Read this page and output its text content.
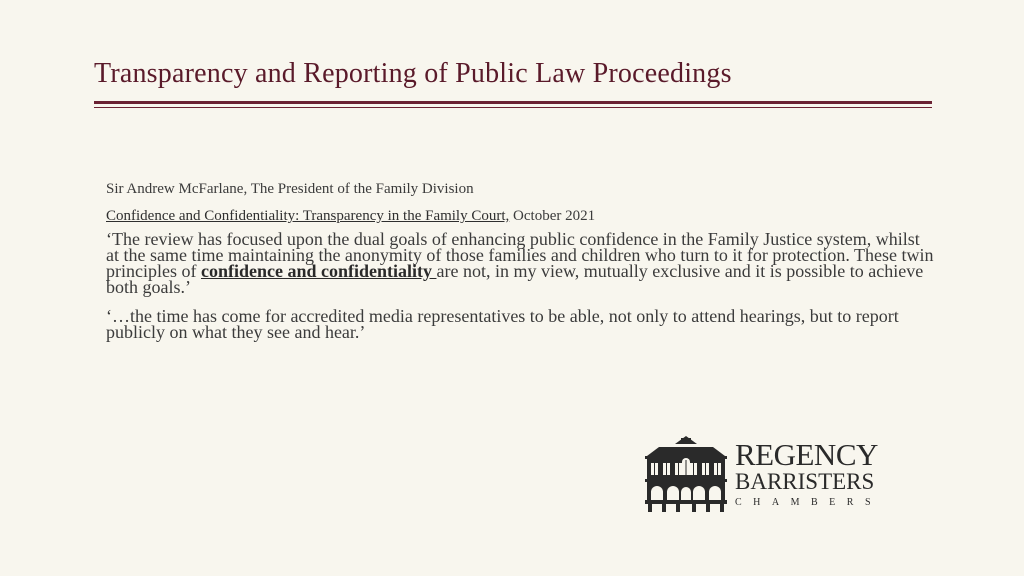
Transparency and Reporting of Public Law Proceedings

Sir Andrew McFarlane, The President of the Family Division

Confidence and Confidentiality: Transparency in the Family Court, October 2021

‘The review has focused upon the dual goals of enhancing public confidence in the Family Justice system, whilst at the same time maintaining the anonymity of those families and children who turn to it for protection. These twin principles of confidence and confidentiality are not, in my view, mutually exclusive and it is possible to achieve both goals.’

‘…the time has come for accredited media representatives to be able, not only to attend hearings, but to report publicly on what they see and hear.’

REGENCY
BARRISTERS
CHAMBERS
